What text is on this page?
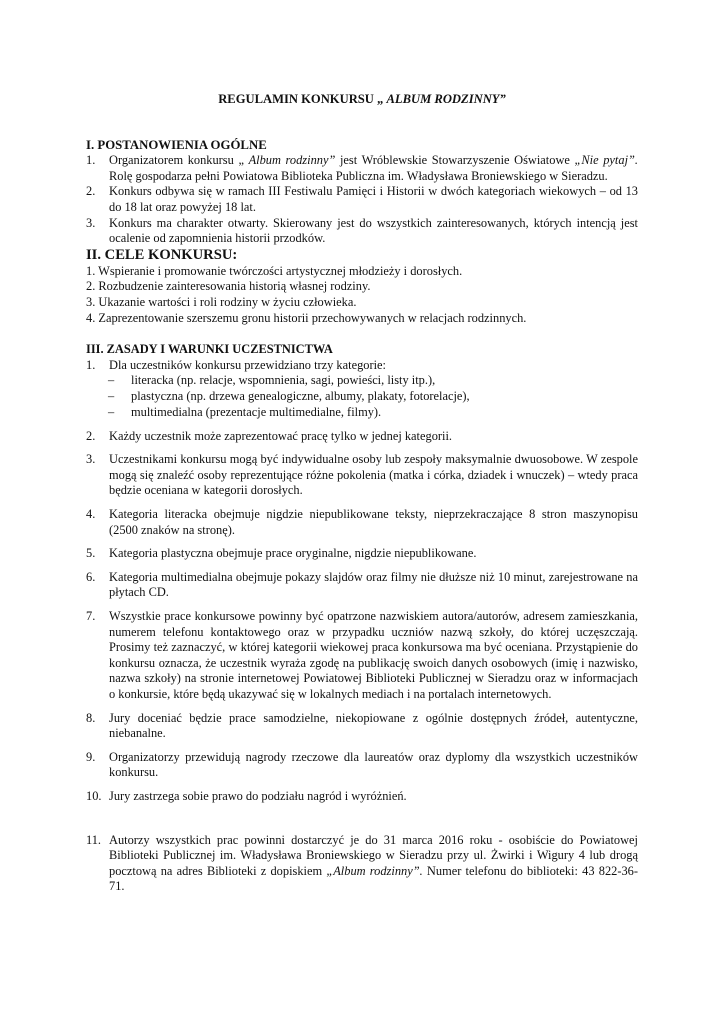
REGULAMIN KONKURSU „ ALBUM RODZINNY”
I. POSTANOWIENIA OGÓLNE
1. Organizatorem konkursu „ Album rodzinny” jest Wróblewskie Stowarzyszenie Oświatowe „Nie pytaj”. Rolę gospodarza pełni Powiatowa Biblioteka Publiczna im. Władysława Broniewskiego w Sieradzu.
2. Konkurs odbywa się w ramach III Festiwalu Pamięci i Historii w dwóch kategoriach wiekowych – od 13 do 18 lat oraz powyżej 18 lat.
3. Konkurs ma charakter otwarty. Skierowany jest do wszystkich zainteresowanych, których intencją jest ocalenie od zapomnienia historii przodków.
II. CELE KONKURSU:
1. Wspieranie i promowanie twórczości artystycznej młodzieży i dorosłych.
2. Rozbudzenie zainteresowania historią własnej rodziny.
3. Ukazanie wartości i roli rodziny w życiu człowieka.
4. Zaprezentowanie szerszemu gronu historii przechowywanych w relacjach rodzinnych.
III. ZASADY I WARUNKI UCZESTNICTWA
1. Dla uczestników konkursu przewidziano trzy kategorie:
– literacka (np. relacje, wspomnienia, sagi, powieści, listy itp.),
– plastyczna (np. drzewa genealogiczne, albumy, plakaty, fotorelacje),
– multimedialna (prezentacje multimedialne, filmy).
2. Każdy uczestnik może zaprezentować pracę tylko w jednej kategorii.
3. Uczestnikami konkursu mogą być indywidualne osoby lub zespoły maksymalnie dwuosobowe. W zespole mogą się znaleźć osoby reprezentujące różne pokolenia (matka i córka, dziadek i wnuczek) – wtedy praca będzie oceniana w kategorii dorosłych.
4. Kategoria literacka obejmuje nigdzie niepublikowane teksty, nieprzekraczające 8 stron maszynopisu (2500 znaków na stronę).
5. Kategoria plastyczna obejmuje prace oryginalne, nigdzie niepublikowane.
6. Kategoria multimedialna obejmuje pokazy slajdów oraz filmy nie dłuższe niż 10 minut, zarejestrowane na płytach CD.
7. Wszystkie prace konkursowe powinny być opatrzone nazwiskiem autora/autorów, adresem zamieszkania, numerem telefonu kontaktowego oraz w przypadku uczniów nazwą szkoły, do której uczęszczają. Prosimy też zaznaczyć, w której kategorii wiekowej praca konkursowa ma być oceniana. Przystąpienie do konkursu oznacza, że uczestnik wyraża zgodę na publikację swoich danych osobowych (imię i nazwisko, nazwa szkoły) na stronie internetowej Powiatowej Biblioteki Publicznej w Sieradzu oraz w informacjach o konkursie, które będą ukazywać się w lokalnych mediach i na portalach internetowych.
8. Jury doceniać będzie prace samodzielne, niekopiowane z ogólnie dostępnych źródeł, autentyczne, niebanalne.
9. Organizatorzy przewidują nagrody rzeczowe dla laureatów oraz dyplomy dla wszystkich uczestników konkursu.
10. Jury zastrzega sobie prawo do podziału nagród i wyróżnień.
11. Autorzy wszystkich prac powinni dostarczyć je do 31 marca 2016 roku - osobiście do Powiatowej Biblioteki Publicznej im. Władysława Broniewskiego w Sieradzu przy ul. Żwirki i Wigury 4 lub drogą pocztową na adres Biblioteki z dopiskiem „Album rodzinny”. Numer telefonu do biblioteki: 43 822-36-71.
